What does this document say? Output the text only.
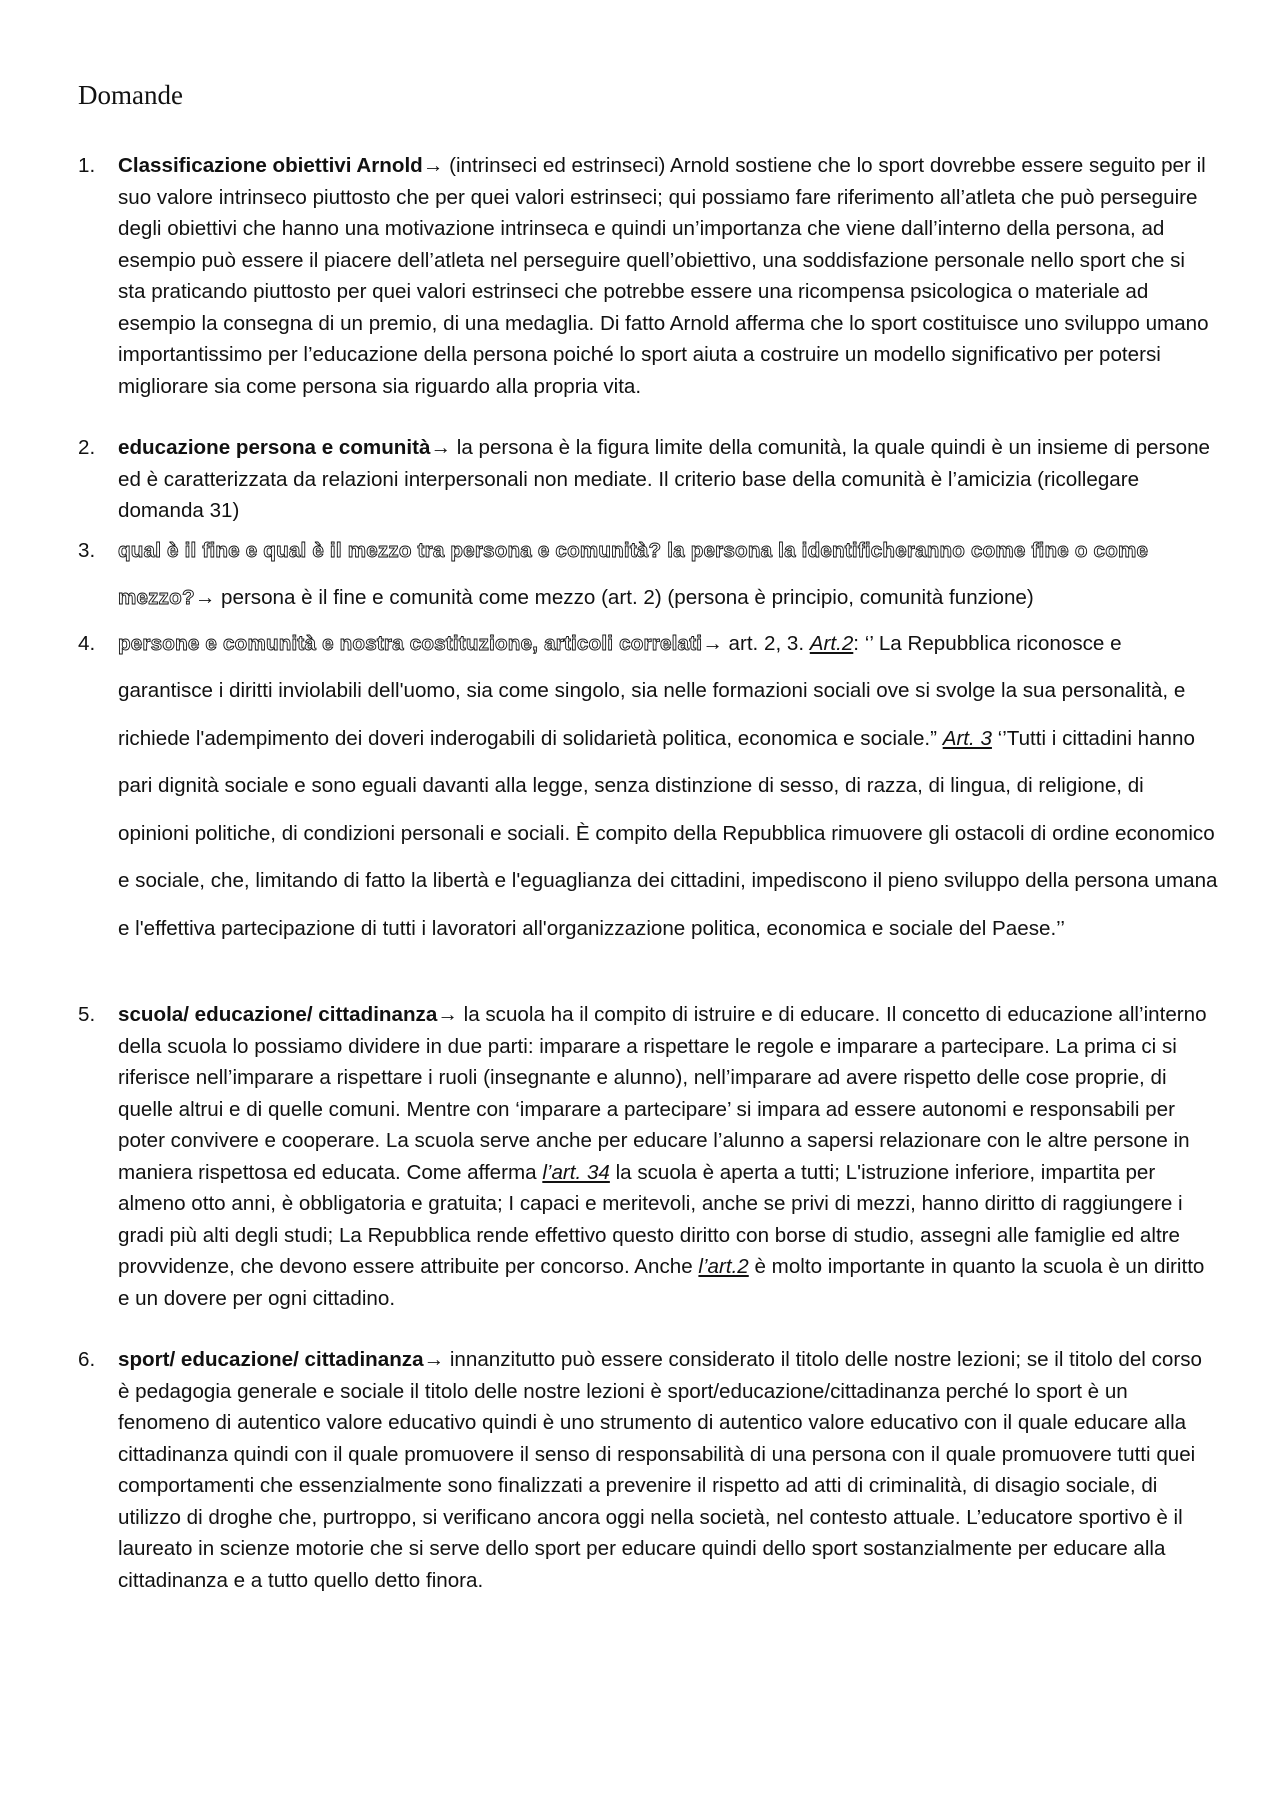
Domande
1. Classificazione obiettivi Arnold→ (intrinseci ed estrinseci) Arnold sostiene che lo sport dovrebbe essere seguito per il suo valore intrinseco piuttosto che per quei valori estrinseci; qui possiamo fare riferimento all’atleta che può perseguire degli obiettivi che hanno una motivazione intrinseca e quindi un’importanza che viene dall’interno della persona, ad esempio può essere il piacere dell’atleta nel perseguire quell’obiettivo, una soddisfazione personale nello sport che si sta praticando piuttosto per quei valori estrinseci che potrebbe essere una ricompensa psicologica o materiale ad esempio la consegna di un premio, di una medaglia. Di fatto Arnold afferma che lo sport costituisce uno sviluppo umano importantissimo per l’educazione della persona poiché lo sport aiuta a costruire un modello significativo per potersi migliorare sia come persona sia riguardo alla propria vita.
2. educazione persona e comunità→ la persona è la figura limite della comunità, la quale quindi è un insieme di persone ed è caratterizzata da relazioni interpersonali non mediate. Il criterio base della comunità è l’amicizia (ricollegare domanda 31)
3. qual è il fine e qual è il mezzo tra persona e comunità? la persona la identificheranno come fine o come mezzo?→ persona è il fine e comunità come mezzo (art. 2) (persona è principio, comunità funzione)
4. persone e comunità e nostra costituzione, articoli correlati→ art. 2, 3. Art.2: ‘’ La Repubblica riconosce e garantisce i diritti inviolabili dell'uomo, sia come singolo, sia nelle formazioni sociali ove si svolge la sua personalità, e richiede l'adempimento dei doveri inderogabili di solidarietà politica, economica e sociale.” Art. 3 ‘’Tutti i cittadini hanno pari dignità sociale e sono eguali davanti alla legge, senza distinzione di sesso, di razza, di lingua, di religione, di opinioni politiche, di condizioni personali e sociali. È compito della Repubblica rimuovere gli ostacoli di ordine economico e sociale, che, limitando di fatto la libertà e l'eguaglianza dei cittadini, impediscono il pieno sviluppo della persona umana e l'effettiva partecipazione di tutti i lavoratori all'organizzazione politica, economica e sociale del Paese.’’
5. scuola/ educazione/ cittadinanza→ la scuola ha il compito di istruire e di educare. Il concetto di educazione all’interno della scuola lo possiamo dividere in due parti: imparare a rispettare le regole e imparare a partecipare. La prima ci si riferisce nell’imparare a rispettare i ruoli (insegnante e alunno), nell’imparare ad avere rispetto delle cose proprie, di quelle altrui e di quelle comuni. Mentre con ‘imparare a partecipare’ si impara ad essere autonomi e responsabili per poter convivere e cooperare. La scuola serve anche per educare l’alunno a sapersi relazionare con le altre persone in maniera rispettosa ed educata. Come afferma l’art. 34 la scuola è aperta a tutti; L'istruzione inferiore, impartita per almeno otto anni, è obbligatoria e gratuita; I capaci e meritevoli, anche se privi di mezzi, hanno diritto di raggiungere i gradi più alti degli studi; La Repubblica rende effettivo questo diritto con borse di studio, assegni alle famiglie ed altre provvidenze, che devono essere attribuite per concorso. Anche l’art.2 è molto importante in quanto la scuola è un diritto e un dovere per ogni cittadino.
6. sport/ educazione/ cittadinanza→ innanzitutto può essere considerato il titolo delle nostre lezioni; se il titolo del corso è pedagogia generale e sociale il titolo delle nostre lezioni è sport/educazione/cittadinanza perché lo sport è un fenomeno di autentico valore educativo quindi è uno strumento di autentico valore educativo con il quale educare alla cittadinanza quindi con il quale promuovere il senso di responsabilità di una persona con il quale promuovere tutti quei comportamenti che essenzialmente sono finalizzati a prevenire il rispetto ad atti di criminalità, di disagio sociale, di utilizzo di droghe che, purtroppo, si verificano ancora oggi nella società, nel contesto attuale. L’educatore sportivo è il laureato in scienze motorie che si serve dello sport per educare quindi dello sport sostanzialmente per educare alla cittadinanza e a tutto quello detto finora.
